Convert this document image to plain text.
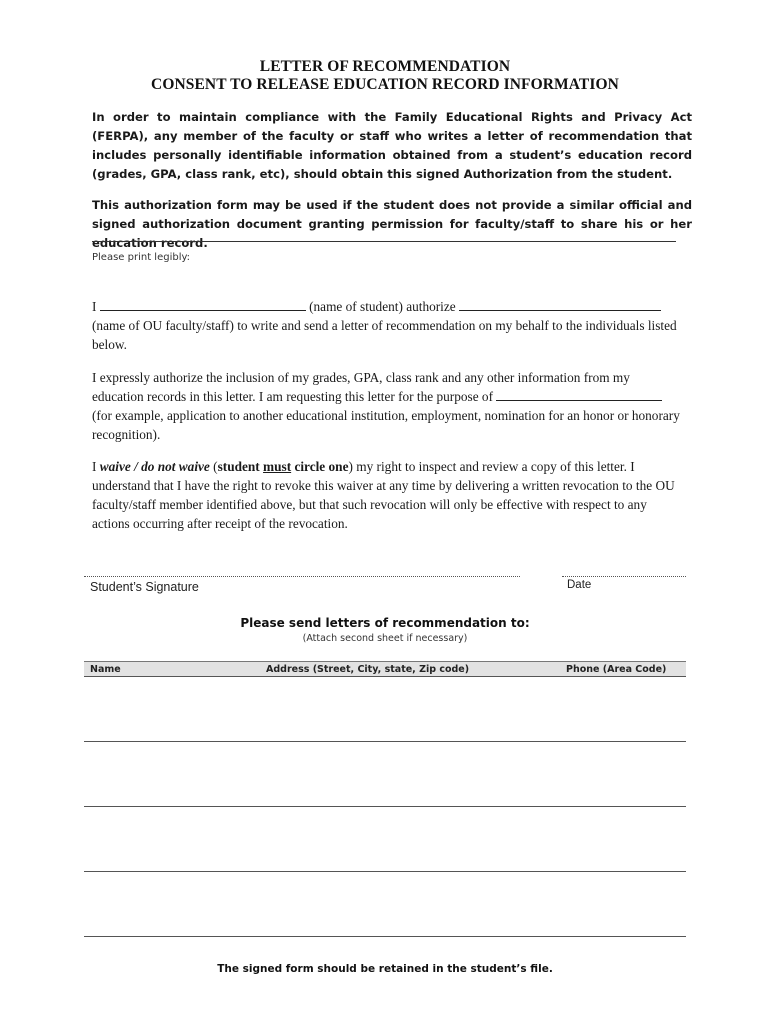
LETTER OF RECOMMENDATION
CONSENT TO RELEASE EDUCATION RECORD INFORMATION
In order to maintain compliance with the Family Educational Rights and Privacy Act (FERPA), any member of the faculty or staff who writes a letter of recommendation that includes personally identifiable information obtained from a student’s education record (grades, GPA, class rank, etc), should obtain this signed Authorization from the student.
This authorization form may be used if the student does not provide a similar official and signed authorization document granting permission for faculty/staff to share his or her education record.
Please print legibly:
I	(name of student) authorize  (name of OU faculty/staff) to write and send a letter of recommendation on my behalf to the individuals listed below.
I expressly authorize the inclusion of my grades, GPA, class rank and any other information from my education records in this letter. I am requesting this letter for the purpose of  (for example, application to another educational institution, employment, nomination for an honor or honorary recognition).
I waive / do not waive (student must circle one) my right to inspect and review a copy of this letter. I understand that I have the right to revoke this waiver at any time by delivering a written revocation to the OU faculty/staff member identified above, but that such revocation will only be effective with respect to any actions occurring after receipt of the revocation.
Student’s Signature	Date
Please send letters of recommendation to:
(Attach second sheet if necessary)
Name	Address (Street, City, state, Zip code)	Phone (Area Code)
The signed form should be retained in the student’s file.
